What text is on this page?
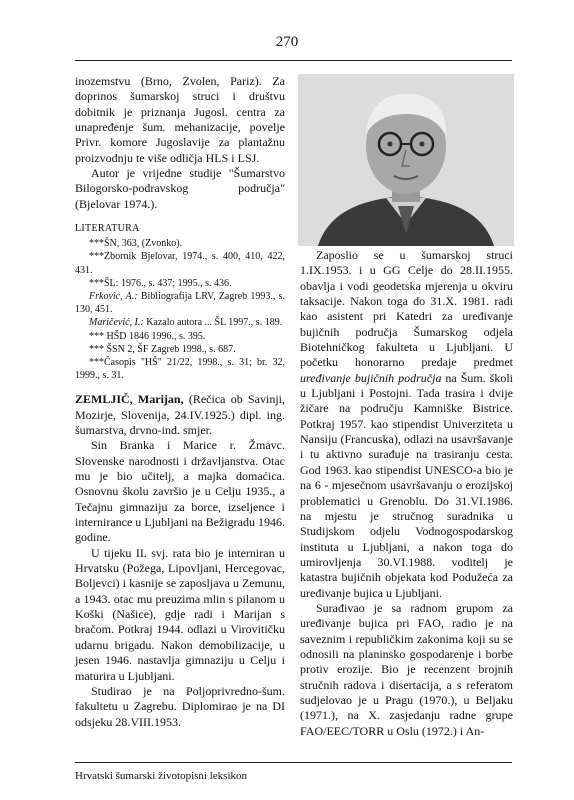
270

inozemstvu (Brno, Zvolen, Pariz). Za doprinos šumarskoj struci i društvu dobitnik je priznanja Jugosl. centra za unapređenje šum. mehanizacije, povelje Privr. komore Jugoslavije za plantažnu proizvodnju te više odličja HLS i LSJ.

Autor je vrijedne studije "Šumarstvo Bilogorsko-podravskog područja" (Bjelovar 1974.).

LITERATURA

***ŠN, 363, (Zvonko).

***Zbornik Bjelovar, 1974., s. 400, 410, 422, 431.

***ŠL: 1976., s. 437; 1995., s. 436.

Frkovic, A.: Bibliografija LRV, Zagreb 1993., s. 130, 451.

Maričević, I.: Kazalo autora ... ŠL 1997., s. 189.

*** HŠD 1846 1996., s. 395.

*** ŠSN 2, ŠF Zagreb 1998., s. 687.

***Časopis "HŠ" 21/22, 1998., s. 31; br. 32, 1999., s. 31.

ZEMLJIČ, Marijan, (Rečica ob Savinji, Mozirje, Slovenija, 24.IV.1925.) dipl. ing. šumarstva, drvno-ind. smjer.

Sin Branka i Marice r. Žmavc. Slovenske narodnosti i državljanstva. Otac mu je bio učitelj, a majka domaćica. Osnovnu školu završio je u Celju 1935., a Tečajnu gimnaziju za borce, izseljence i internirance u Ljubljani na Bežigradu 1946. godine.

U tijeku II. svj. rata bio je interniran u Hrvatsku (Požega, Lipovljani, Hercegovac, Boljevci) i kasnije se zaposljava u Zemunu, a 1943. otac mu preuzima mlin s pilanom u Koški (Našice), gdje radi i Marijan s bračom. Potkraj 1944. odlazi u Virovitičku udarnu brigadu. Nakon demobilizacije, u jesen 1946. nastavlja gimnaziju u Celju i maturira u Ljubljani.

Studirao je na Poljoprivredno-šum. fakultetu u Zagrebu. Diplomirao je na DI odsjeku 28.VIII.1953.

Zaposlio se u šumarskoj struci 1.IX.1953. i u GG Celje do 28.II.1955. obavlja i vodi geodetska mjerenja u okviru taksacije. Nakon toga do 31.X. 1981. radi kao asistent pri Katedri za uređivanje bujičnih područja Šumarskog odjela Biotehničkog fakulteta u Ljubljani. U početku honorarno predaje predmet uređivanje bujičnih područja na Šum. školi u Ljubljani i Postojni. Tada trasira i dvije žičare na području Kamniške Bistrice. Potkraj 1957. kao stipendist Univerziteta u Nansiju (Francuska), odlazi na usavršavanje i tu aktivno surađuje na trasiranju cesta. God 1963. kao stipendist UNESCO-a bio je na 6 - mjesečnom usavršavanju o erozijskoj problematici u Grenoblu. Do 31.VI.1986. na mjestu je stručnog suradnika u Studijskom odjelu Vodnogospodarskog instituta u Ljubljani, a nakon toga do umirovljenja 30.VI.1988. voditelj je katastra bujičnih objekata kod Podužeća za uređivanje bujica u Ljubljani.

Surađivao je sa radnom grupom za uređivanje bujica pri FAO, radio je na saveznim i republičkim zakonima koji su se odnosili na planinsko gospodarenje i borbe protiv erozije. Bio je recenzent brojnih stručnih radova i disertacija, a s referatom sudjelovao je u Pragu (1970.), u Beljaku (1971.), na X. zasjedanju radne grupe FAO/EEC/TORR u Oslu (1972.) i An-

Hrvatski šumarski životopisni leksikon
